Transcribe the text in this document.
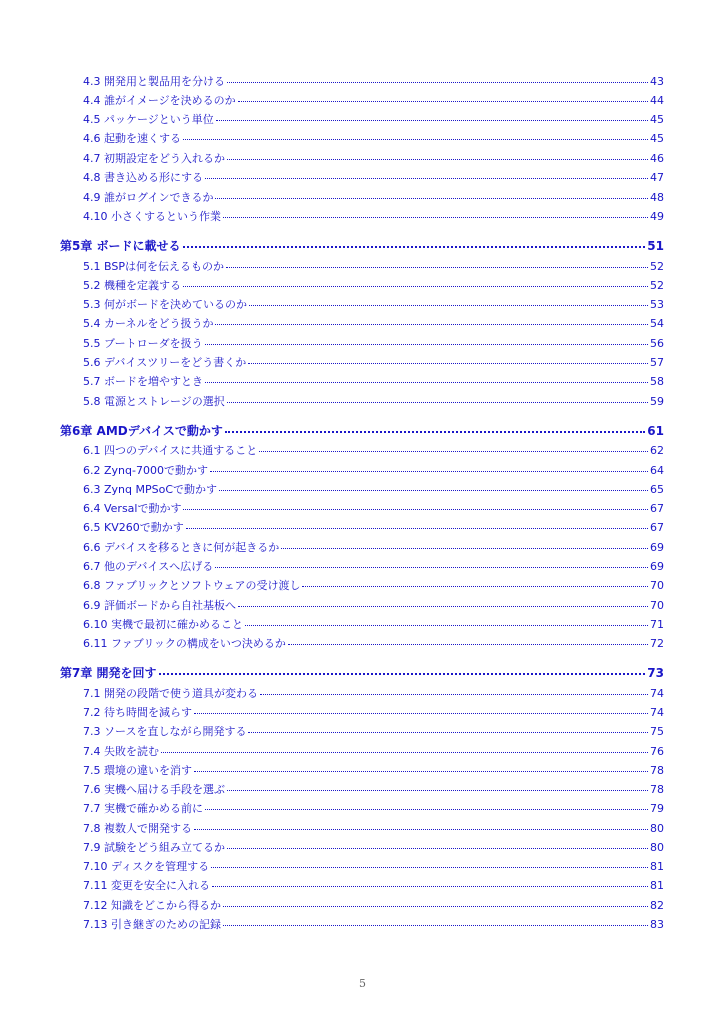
4.3 開発用と製品用を分ける	43
4.4 誰がイメージを決めるのか	44
4.5 パッケージという単位	45
4.6 起動を速くする	45
4.7 初期設定をどう入れるか	46
4.8 書き込める形にする	47
4.9 誰がログインできるか	48
4.10 小さくするという作業	49
第5章 ボードに載せる	51
5.1 BSPは何を伝えるものか	52
5.2 機種を定義する	52
5.3 何がボードを決めているのか	53
5.4 カーネルをどう扱うか	54
5.5 ブートローダを扱う	56
5.6 デバイスツリーをどう書くか	57
5.7 ボードを増やすとき	58
5.8 電源とストレージの選択	59
第6章 AMDデバイスで動かす	61
6.1 四つのデバイスに共通すること	62
6.2 Zynq-7000で動かす	64
6.3 Zynq MPSoCで動かす	65
6.4 Versalで動かす	67
6.5 KV260で動かす	67
6.6 デバイスを移るときに何が起きるか	69
6.7 他のデバイスへ広げる	69
6.8 ファブリックとソフトウェアの受け渡し	70
6.9 評価ボードから自社基板へ	70
6.10 実機で最初に確かめること	71
6.11 ファブリックの構成をいつ決めるか	72
第7章 開発を回す	73
7.1 開発の段階で使う道具が変わる	74
7.2 待ち時間を減らす	74
7.3 ソースを直しながら開発する	75
7.4 失敗を読む	76
7.5 環境の違いを消す	78
7.6 実機へ届ける手段を選ぶ	78
7.7 実機で確かめる前に	79
7.8 複数人で開発する	80
7.9 試験をどう組み立てるか	80
7.10 ディスクを管理する	81
7.11 変更を安全に入れる	81
7.12 知識をどこから得るか	82
7.13 引き継ぎのための記録	83
5
